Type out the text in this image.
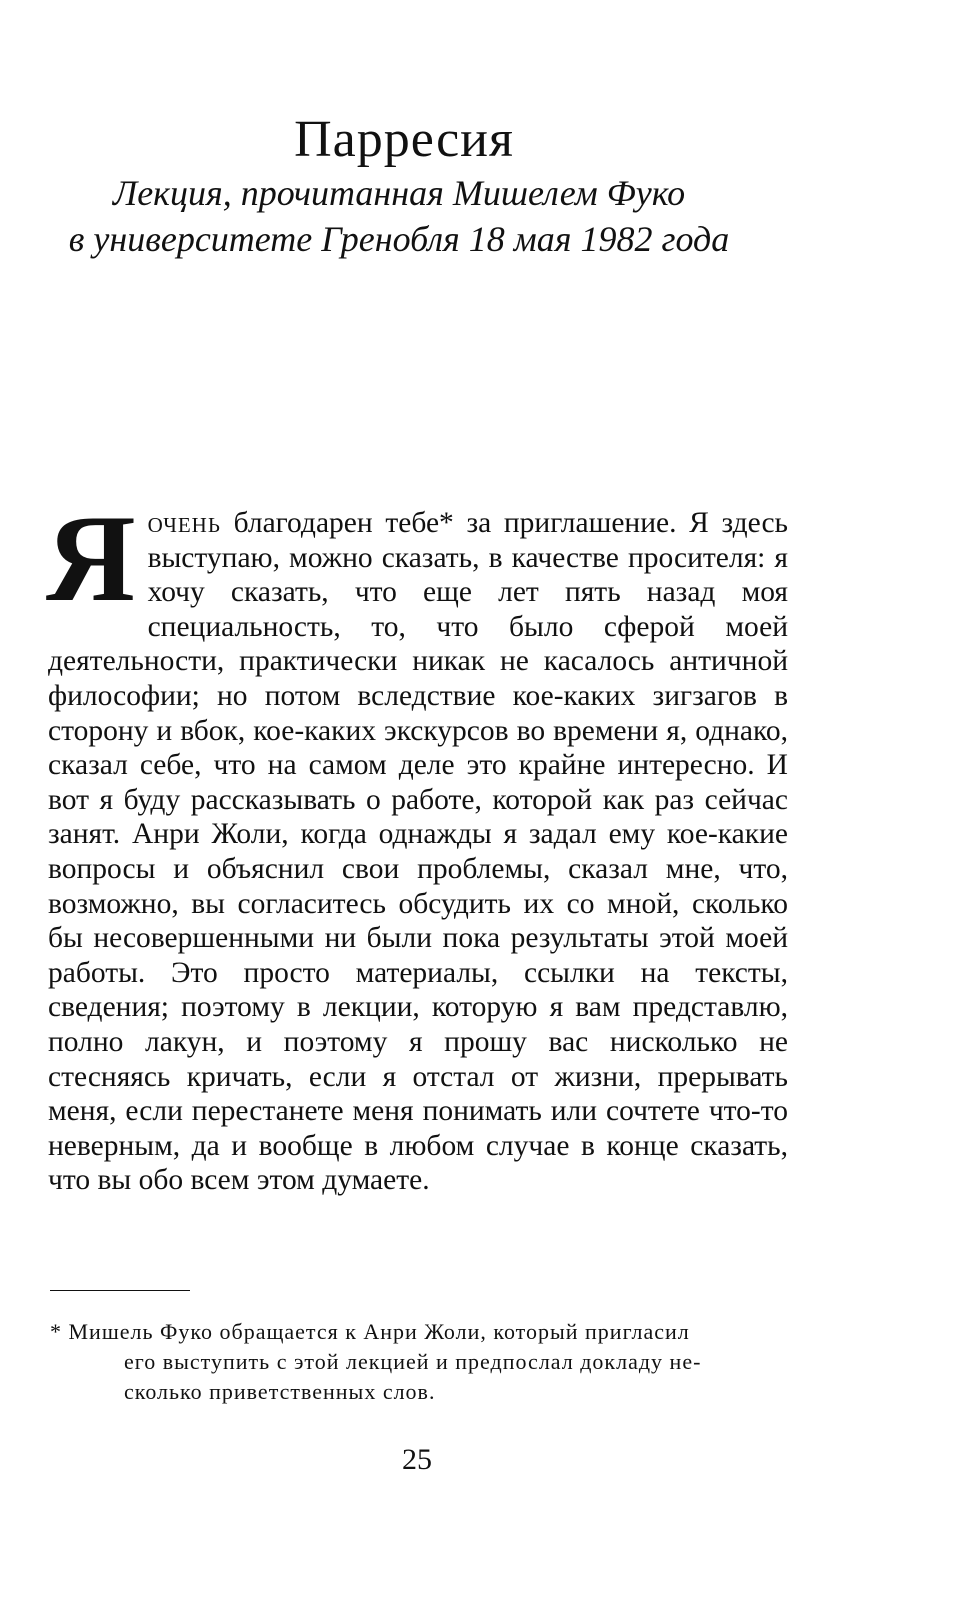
Парресия
Лекция, прочитанная Мишелем Фуко
в университете Гренобля 18 мая 1982 года
Я очень благодарен тебе* за приглашение. Я здесь выступаю, можно сказать, в качестве просителя: я хочу сказать, что еще лет пять назад моя специальность, то, что было сферой моей деятельности, практически никак не касалось античной философии; но потом вследствие кое-каких зигзагов в сторону и вбок, кое-каких экскурсов во времени я, однако, сказал себе, что на самом деле это крайне интересно. И вот я буду рассказывать о работе, которой как раз сейчас занят. Анри Жоли, когда однажды я задал ему кое-какие вопросы и объяснил свои проблемы, сказал мне, что, возможно, вы согласитесь обсудить их со мной, сколько бы несовершенными ни были пока результаты этой моей работы. Это просто материалы, ссылки на тексты, сведения; поэтому в лекции, которую я вам представлю, полно лакун, и поэтому я прошу вас нисколько не стесняясь кричать, если я отстал от жизни, прерывать меня, если перестанете меня понимать или сочтете что-то неверным, да и вообще в любом случае в конце сказать, что вы обо всем этом думаете.
* Мишель Фуко обращается к Анри Жоли, который пригласил
его выступить с этой лекцией и предпослал докладу не-
сколько приветственных слов.
25
